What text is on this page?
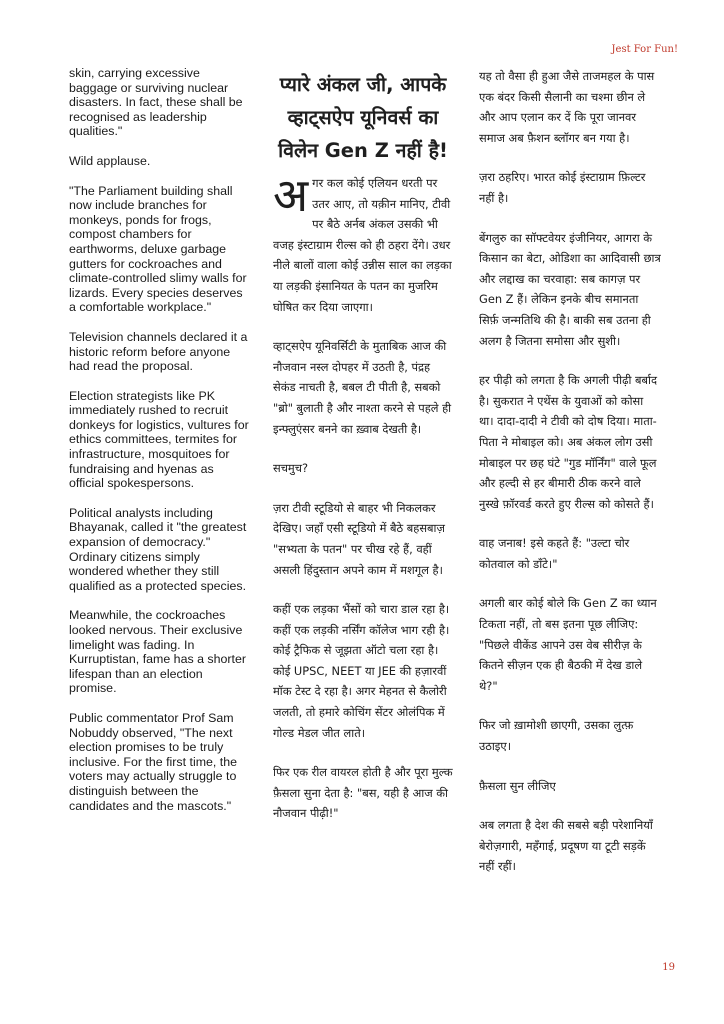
Jest For Fun!

skin, carrying excessive baggage or surviving nuclear disasters. In fact, these shall be recognised as leadership qualities."

Wild applause.

"The Parliament building shall now include branches for monkeys, ponds for frogs, compost chambers for earthworms, deluxe garbage gutters for cockroaches and climate-controlled slimy walls for lizards. Every species deserves a comfortable workplace."

Television channels declared it a historic reform before anyone had read the proposal.

Election strategists like PK immediately rushed to recruit donkeys for logistics, vultures for ethics committees, termites for infrastructure, mosquitoes for fundraising and hyenas as official spokespersons.

Political analysts including Bhayanak, called it "the greatest expansion of democracy." Ordinary citizens simply wondered whether they still qualified as a protected species.

Meanwhile, the cockroaches looked nervous. Their exclusive limelight was fading. In Kurruptistan, fame has a shorter lifespan than an election promise.

Public commentator Prof Sam Nobuddy observed, "The next election promises to be truly inclusive. For the first time, the voters may actually struggle to distinguish between the candidates and the mascots."

प्यारे अंकल जी, आपके व्हाट्सऐप यूनिवर्स का विलेन Gen Z नहीं है!

अगर कल कोई एलियन धरती पर उतर आए, तो यक़ीन मानिए, टीवी पर बैठे अर्नब अंकल उसकी भी वजह इंस्टाग्राम रील्स को ही ठहरा देंगे। उधर नीले बालों वाला कोई उन्नीस साल का लड़का या लड़की इंसानियत के पतन का मुजरिम घोषित कर दिया जाएगा।

व्हाट्सऐप यूनिवर्सिटी के मुताबिक आज की नौजवान नस्ल दोपहर में उठती है, पंद्रह सेकंड नाचती है, बबल टी पीती है, सबको "ब्रो" बुलाती है और नाश्ता करने से पहले ही इन्फ्लुएंसर बनने का ख़्वाब देखती है।

सचमुच?

ज़रा टीवी स्टूडियो से बाहर भी निकलकर देखिए। जहाँ एसी स्टूडियो में बैठे बहसबाज़ "सभ्यता के पतन" पर चीख रहे हैं, वहीं असली हिंदुस्तान अपने काम में मशगूल है।

कहीं एक लड़का भैंसों को चारा डाल रहा है। कहीं एक लड़की नर्सिंग कॉलेज भाग रही है। कोई ट्रैफिक से जूझता ऑटो चला रहा है। कोई UPSC, NEET या JEE की हज़ारवीं मॉक टेस्ट दे रहा है। अगर मेहनत से कैलोरी जलती, तो हमारे कोचिंग सेंटर ओलंपिक में गोल्ड मेडल जीत लाते।

फिर एक रील वायरल होती है और पूरा मुल्क फ़ैसला सुना देता है: "बस, यही है आज की नौजवान पीढ़ी!"

यह तो वैसा ही हुआ जैसे ताजमहल के पास एक बंदर किसी सैलानी का चश्मा छीन ले और आप एलान कर दें कि पूरा जानवर समाज अब फ़ैशन ब्लॉगर बन गया है।

ज़रा ठहरिए। भारत कोई इंस्टाग्राम फ़िल्टर नहीं है।

बेंगलुरु का सॉफ्टवेयर इंजीनियर, आगरा के किसान का बेटा, ओडिशा का आदिवासी छात्र और लद्दाख का चरवाहा: सब कागज़ पर Gen Z हैं। लेकिन इनके बीच समानता सिर्फ़ जन्मतिथि की है। बाकी सब उतना ही अलग है जितना समोसा और सुशी।

हर पीढ़ी को लगता है कि अगली पीढ़ी बर्बाद है। सुकरात ने एथेंस के युवाओं को कोसा था। दादा-दादी ने टीवी को दोष दिया। माता-पिता ने मोबाइल को। अब अंकल लोग उसी मोबाइल पर छह घंटे "गुड मॉर्निंग" वाले फूल और हल्दी से हर बीमारी ठीक करने वाले नुस्खे फ़ॉरवर्ड करते हुए रील्स को कोसते हैं।

वाह जनाब! इसे कहते हैं: "उल्टा चोर कोतवाल को डाँटे।"

अगली बार कोई बोले कि Gen Z का ध्यान टिकता नहीं, तो बस इतना पूछ लीजिए: "पिछले वीकेंड आपने उस वेब सीरीज़ के कितने सीज़न एक ही बैठकी में देख डाले थे?"

फिर जो ख़ामोशी छाएगी, उसका लुत्फ़ उठाइए।

फ़ैसला सुन लीजिए

अब लगता है देश की सबसे बड़ी परेशानियाँ बेरोज़गारी, महँगाई, प्रदूषण या टूटी सड़कें नहीं रहीं।

19
